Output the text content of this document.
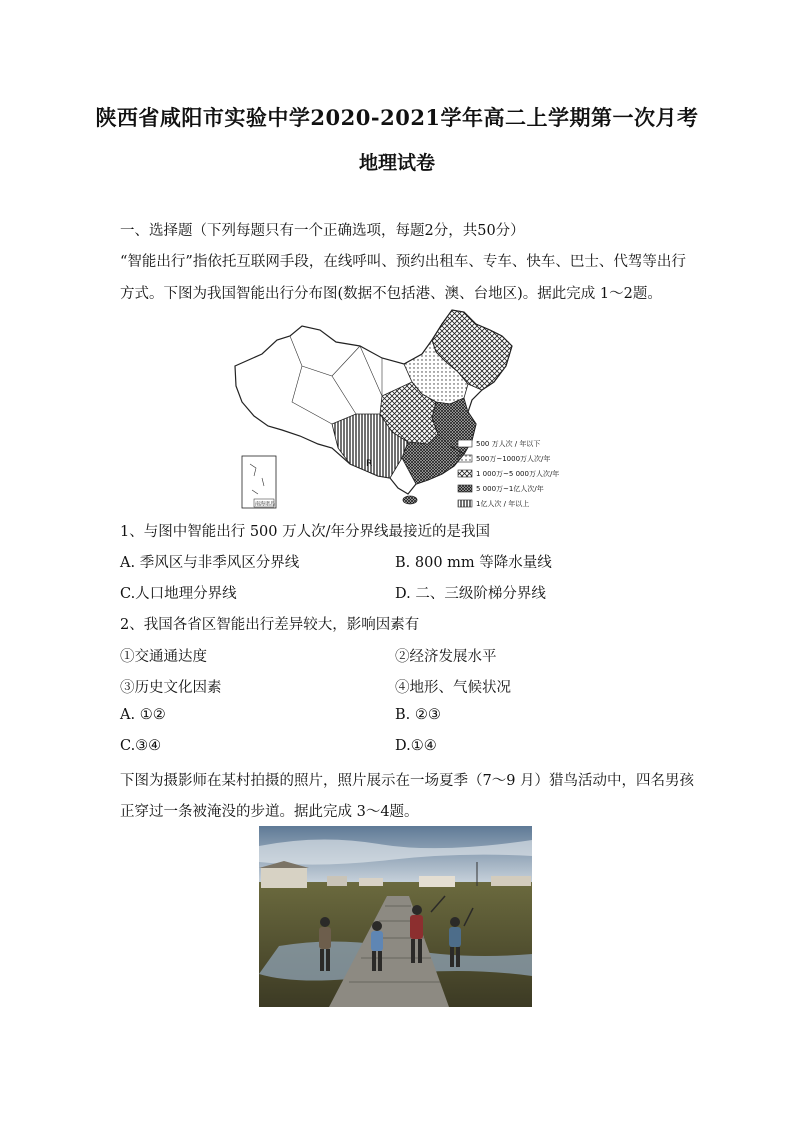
陕西省咸阳市实验中学2020-2021学年高二上学期第一次月考
地理试卷
一、选择题（下列每题只有一个正确选项，每题2分，共50分）
“智能出行”指依托互联网手段，在线呼叫、预约出租车、专车、快车、巴士、代驾等出行
方式。下图为我国智能出行分布图(数据不包括港、澳、台地区)。据此完成 1～2题。
R
南海诸岛
500 万人次 / 年以下
500万~1000万人次/年
1 000万~5 000万人次/年
5 000万~1亿人次/年
1亿人次 / 年以上
1、与图中智能出行 500 万人次/年分界线最接近的是我国
A. 季风区与非季风区分界线	B. 800 mm 等降水量线
C.人口地理分界线	D. 二、三级阶梯分界线
2、我国各省区智能出行差异较大，影响因素有
①交通通达度	②经济发展水平
③历史文化因素	④地形、气候状况
A. ①②	B. ②③
C.③④	D.①④
下图为摄影师在某村拍摄的照片，照片展示在一场夏季（7～9 月）猎鸟活动中，四名男孩
正穿过一条被淹没的步道。据此完成 3～4题。
